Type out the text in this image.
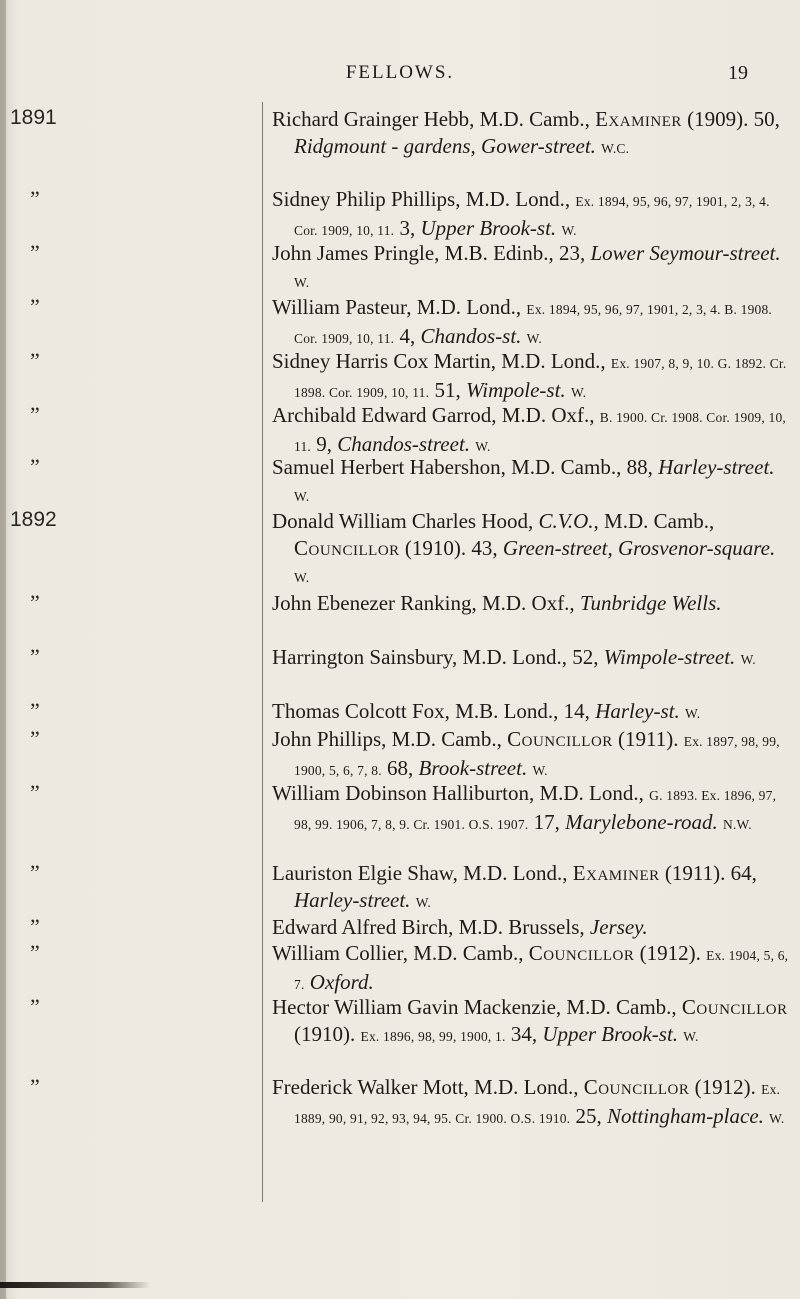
FELLOWS.	19
1891	Richard Grainger Hebb, M.D. Camb., Examiner (1909). 50, Ridgmount - gardens, Gower-street. W.C.
”	Sidney Philip Phillips, M.D. Lond., Ex. 1894, 95, 96, 97, 1901, 2, 3, 4. Cor. 1909, 10, 11. 3, Upper Brook-st. W.
”	John James Pringle, M.B. Edinb., 23, Lower Seymour-street. W.
”	William Pasteur, M.D. Lond., Ex. 1894, 95, 96, 97, 1901, 2, 3, 4. B. 1908. Cor. 1909, 10, 11. 4, Chandos-st. W.
”	Sidney Harris Cox Martin, M.D. Lond., Ex. 1907, 8, 9, 10. G. 1892. Cr. 1898. Cor. 1909, 10, 11. 51, Wimpole-st. W.
”	Archibald Edward Garrod, M.D. Oxf., B. 1900. Cr. 1908. Cor. 1909, 10, 11. 9, Chandos-street. W.
”	Samuel Herbert Habershon, M.D. Camb., 88, Harley-street. W.
1892	Donald William Charles Hood, C.V.O., M.D. Camb., Councillor (1910). 43, Green-street, Grosvenor-square. W.
”	John Ebenezer Ranking, M.D. Oxf., Tunbridge Wells.
”	Harrington Sainsbury, M.D. Lond., 52, Wimpole-street. W.
”	Thomas Colcott Fox, M.B. Lond., 14, Harley-st. W.
”	John Phillips, M.D. Camb., Councillor (1911). Ex. 1897, 98, 99, 1900, 5, 6, 7, 8. 68, Brook-street. W.
”	William Dobinson Halliburton, M.D. Lond., G. 1893. Ex. 1896, 97, 98, 99. 1906, 7, 8, 9. Cr. 1901. O.S. 1907. 17, Marylebone-road. N.W.
”	Lauriston Elgie Shaw, M.D. Lond., Examiner (1911). 64, Harley-street. W.
”	Edward Alfred Birch, M.D. Brussels, Jersey.
”	William Collier, M.D. Camb., Councillor (1912). Ex. 1904, 5, 6, 7. Oxford.
”	Hector William Gavin Mackenzie, M.D. Camb., Councillor (1910). Ex. 1896, 98, 99, 1900, 1. 34, Upper Brook-st. W.
”	Frederick Walker Mott, M.D. Lond., Councillor (1912). Ex. 1889, 90, 91, 92, 93, 94, 95. Cr. 1900. O.S. 1910. 25, Nottingham-place. W.
